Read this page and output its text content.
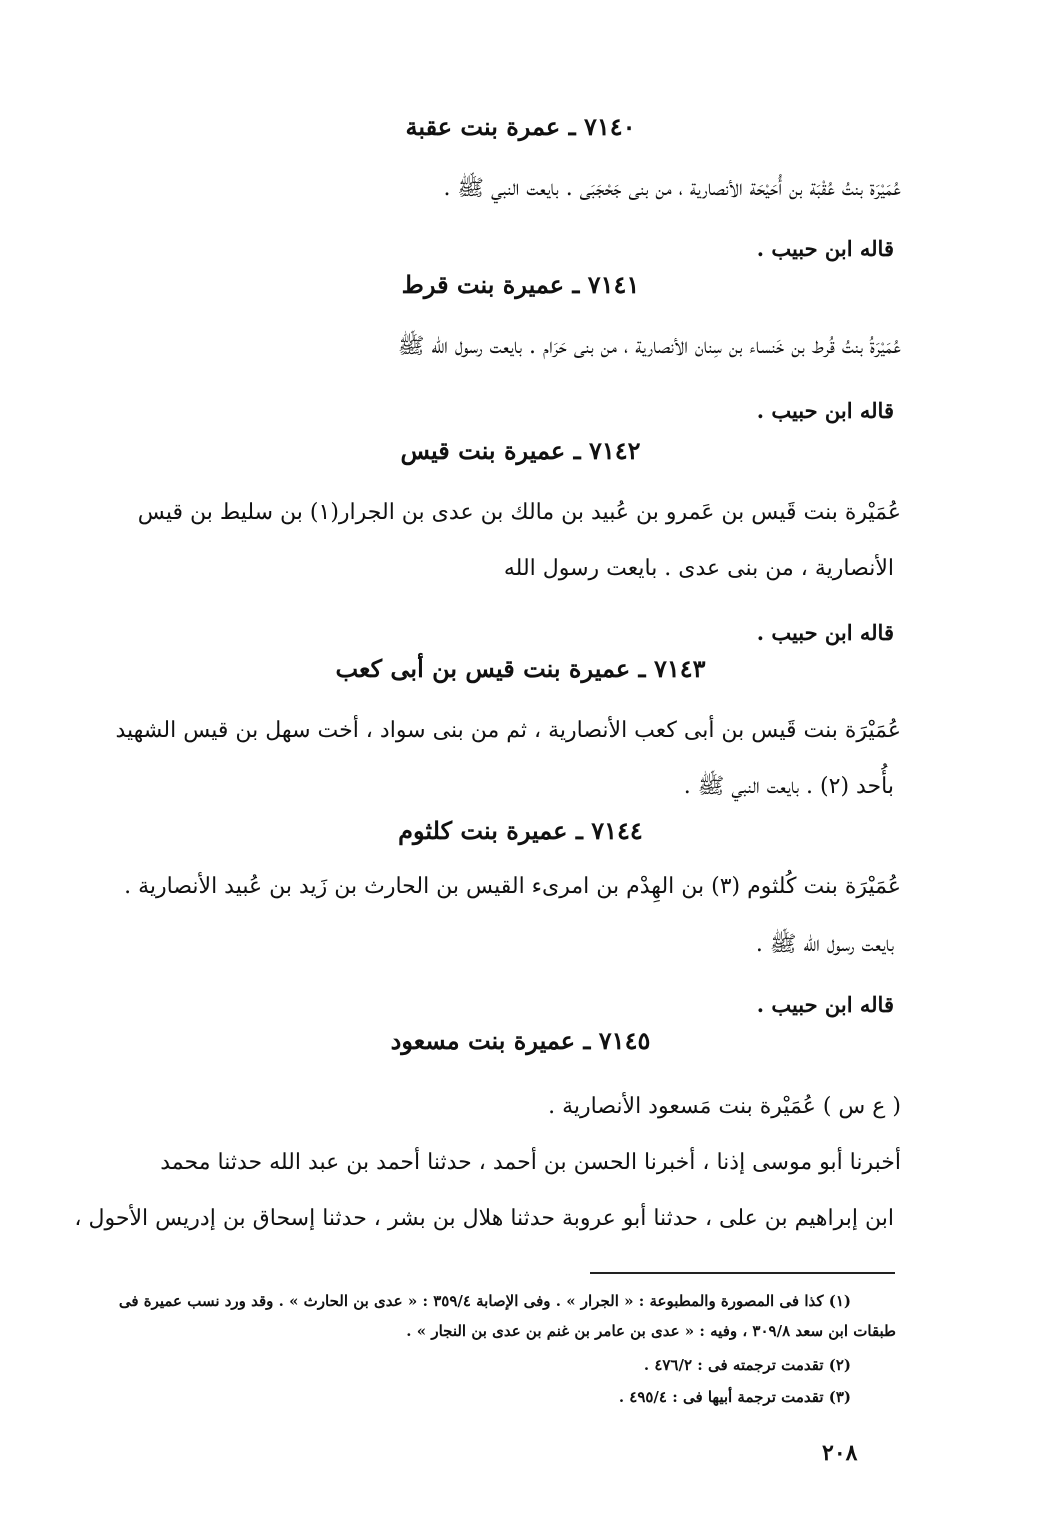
٧١٤٠ ـ عمرة بنت عقبة
عُمَيْرَة بنتُ عُقْبَة بن أُحَيْحَة الأنصارية ، من بنى جَحْجَبَى . بايعت النبي ﷺ .
قاله ابن حبيب .
٧١٤١ ـ عميرة بنت قرط
عُمَيْرَةُ بنتُ قُرط بن خَنساء بن سِنان الأنصارية ، من بنى حَرَام . بايعت رسول الله ﷺ
قاله ابن حبيب .
٧١٤٢ ـ عميرة بنت قيس
عُمَيْرة بنت قَيس بن عَمرو بن عُبيد بن مالك بن عدى بن الجرار(١) بن سليط بن قيس
الأنصارية ، من بنى عدى . بايعت رسول الله
قاله ابن حبيب .
٧١٤٣ ـ عميرة بنت قيس بن أبى كعب
عُمَيْرَة بنت قَيس بن أبى كعب الأنصارية ، ثم من بنى سواد ، أخت سهل بن قيس الشهيد
بأُحد (٢) . بايعت النبي ﷺ .
٧١٤٤ ـ عميرة بنت كلثوم
عُمَيْرَة بنت كُلثوم (٣) بن الهِدْم بن امرىء القيس بن الحارث بن زَيد بن عُبيد الأنصارية .
بايعت رسول الله ﷺ .
قاله ابن حبيب .
٧١٤٥ ـ عميرة بنت مسعود
( ع س ) عُمَيْرة بنت مَسعود الأنصارية .
أخبرنا أبو موسى إذنا ، أخبرنا الحسن بن أحمد ، حدثنا أحمد بن عبد الله حدثنا محمد
ابن إبراهيم بن على ، حدثنا أبو عروبة حدثنا هلال بن بشر ، حدثنا إسحاق بن إدريس الأحول ،
(١) كذا فى المصورة والمطبوعة : « الجرار » . وفى الإصابة ٣٥٩/٤ : « عدى بن الحارث » . وقد ورد نسب عميرة فى
طبقات ابن سعد ٣٠٩/٨ ، وفيه : « عدى بن عامر بن غنم بن عدى بن النجار » .
(٢) تقدمت ترجمته فى : ٤٧٦/٢ .
(٣) تقدمت ترجمة أبيها فى : ٤٩٥/٤ .
٢٠٨
